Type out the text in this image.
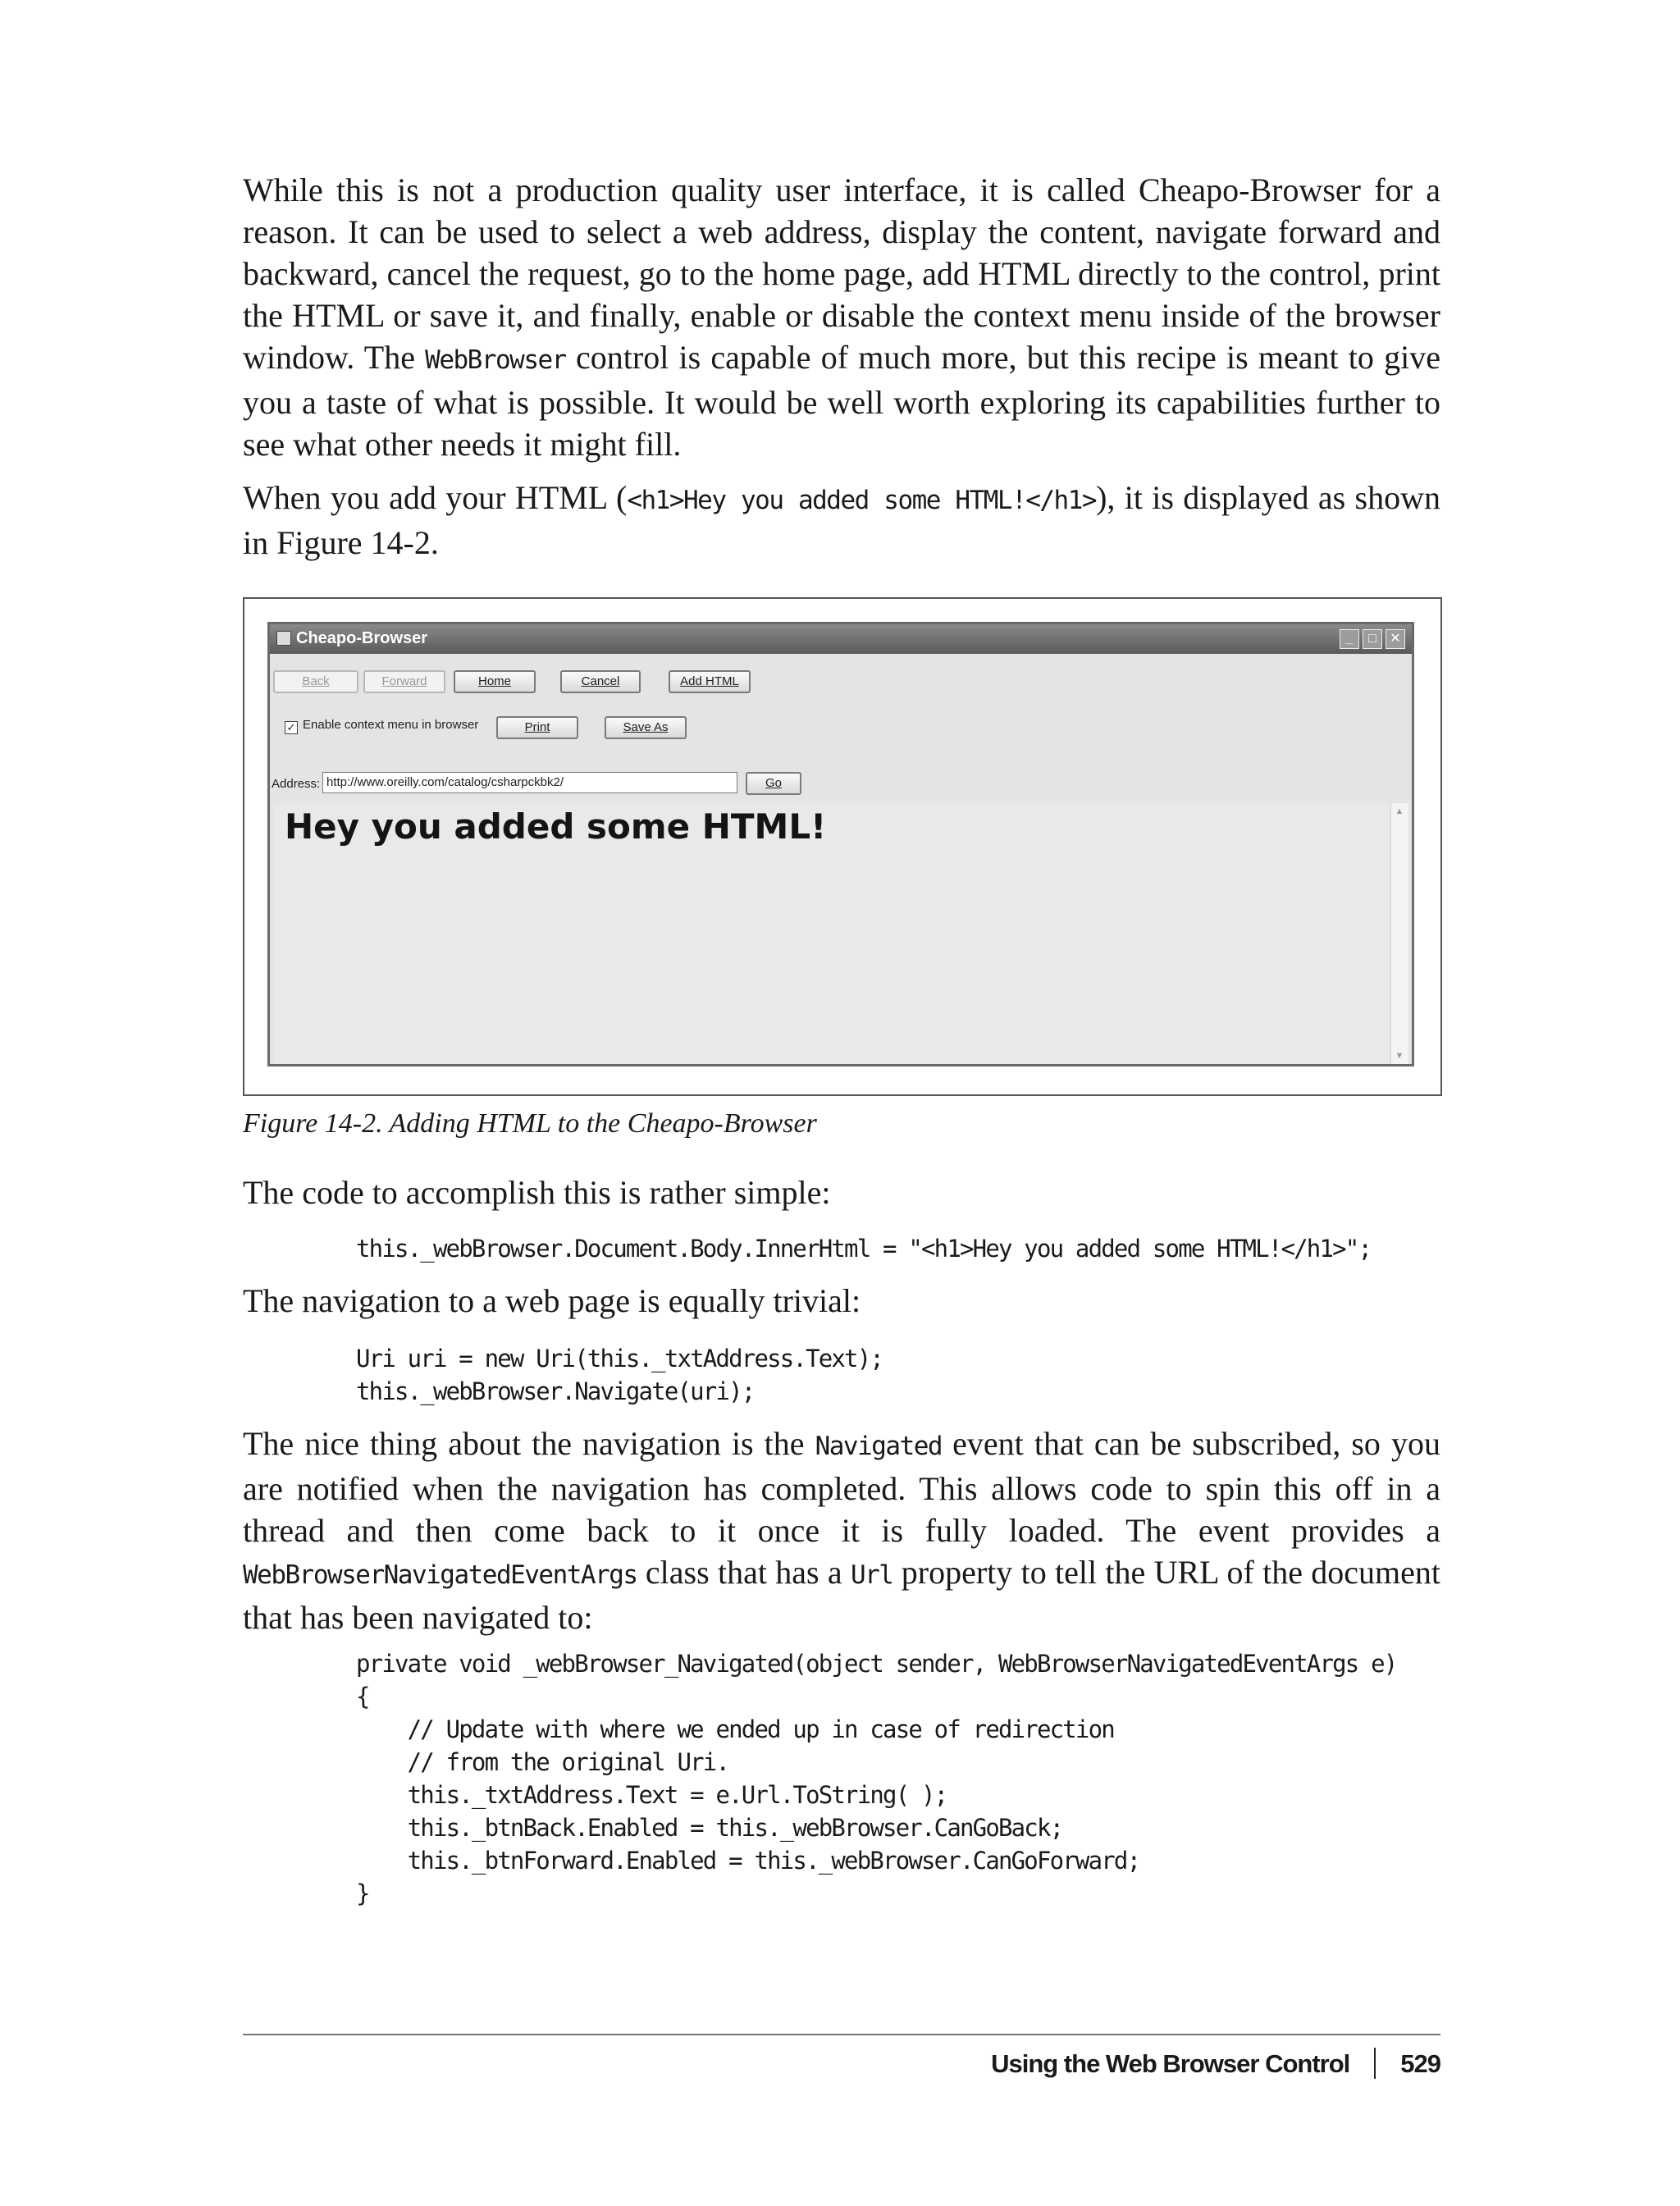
While this is not a production quality user interface, it is called Cheapo-Browser for a reason. It can be used to select a web address, display the content, navigate forward and backward, cancel the request, go to the home page, add HTML directly to the control, print the HTML or save it, and finally, enable or disable the context menu inside of the browser window. The WebBrowser control is capable of much more, but this recipe is meant to give you a taste of what is possible. It would be well worth exploring its capabilities further to see what other needs it might fill.

When you add your HTML (<h1>Hey you added some HTML!</h1>), it is displayed as shown in Figure 14-2.

Cheapo-Browser	_	□	✕
Back	Forward	Home	Cancel	Add HTML
✓ Enable context menu in browser	Print	Save As
Address: http://www.oreilly.com/catalog/csharpckbk2/	Go
Hey you added some HTML!	▲
▼

Figure 14-2. Adding HTML to the Cheapo-Browser

The code to accomplish this is rather simple:

this._webBrowser.Document.Body.InnerHtml = "<h1>Hey you added some HTML!</h1>";

The navigation to a web page is equally trivial:

Uri uri = new Uri(this._txtAddress.Text);
this._webBrowser.Navigate(uri);

The nice thing about the navigation is the Navigated event that can be subscribed, so you are notified when the navigation has completed. This allows code to spin this off in a thread and then come back to it once it is fully loaded. The event provides a WebBrowserNavigatedEventArgs class that has a Url property to tell the URL of the document that has been navigated to:

private void _webBrowser_Navigated(object sender, WebBrowserNavigatedEventArgs e)
{
// Update with where we ended up in case of redirection
// from the original Uri.
this._txtAddress.Text = e.Url.ToString( );
this._btnBack.Enabled = this._webBrowser.CanGoBack;
this._btnForward.Enabled = this._webBrowser.CanGoForward;
}
Using the Web Browser Control 529
